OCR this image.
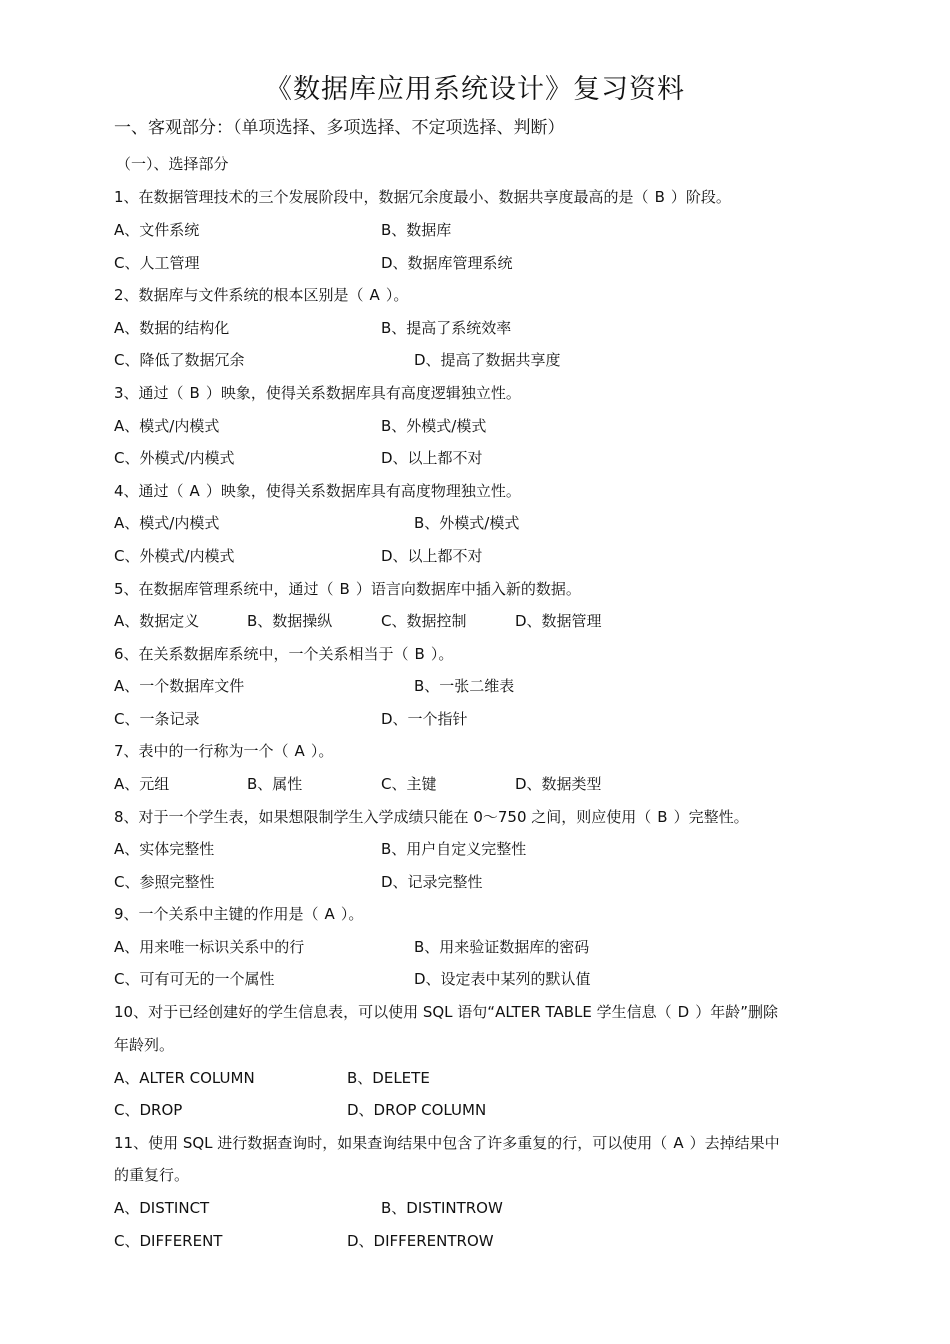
《数据库应用系统设计》复习资料
一、客观部分：（单项选择、多项选择、不定项选择、判断）
（一）、选择部分
1、在数据管理技术的三个发展阶段中，数据冗余度最小、数据共享度最高的是（ B ）阶段。
A、文件系统	B、数据库
C、人工管理	D、数据库管理系统
2、数据库与文件系统的根本区别是（ A ）。
A、数据的结构化	B、提高了系统效率
C、降低了数据冗余	D、提高了数据共享度
3、通过（ B ）映象，使得关系数据库具有高度逻辑独立性。
A、模式/内模式	B、外模式/模式
C、外模式/内模式	D、以上都不对
4、通过（ A ）映象，使得关系数据库具有高度物理独立性。
A、模式/内模式	B、外模式/模式
C、外模式/内模式	D、以上都不对
5、在数据库管理系统中，通过（ B ）语言向数据库中插入新的数据。
A、数据定义	B、数据操纵	C、数据控制	D、数据管理
6、在关系数据库系统中，一个关系相当于（ B ）。
A、一个数据库文件	B、一张二维表
C、一条记录	D、一个指针
7、表中的一行称为一个（ A ）。
A、元组	B、属性	C、主键	D、数据类型
8、对于一个学生表，如果想限制学生入学成绩只能在 0～750 之间，则应使用（ B ）完整性。
A、实体完整性	B、用户自定义完整性
C、参照完整性	D、记录完整性
9、一个关系中主键的作用是（ A ）。
A、用来唯一标识关系中的行	B、用来验证数据库的密码
C、可有可无的一个属性	D、设定表中某列的默认值
10、对于已经创建好的学生信息表，可以使用 SQL 语句“ALTER TABLE 学生信息（ D ）年龄”删除
年龄列。
A、ALTER COLUMN	B、DELETE
C、DROP	D、DROP COLUMN
11、使用 SQL 进行数据查询时，如果查询结果中包含了许多重复的行，可以使用（ A ）去掉结果中
的重复行。
A、DISTINCT	B、DISTINTROW
C、DIFFERENT	D、DIFFERENTROW
